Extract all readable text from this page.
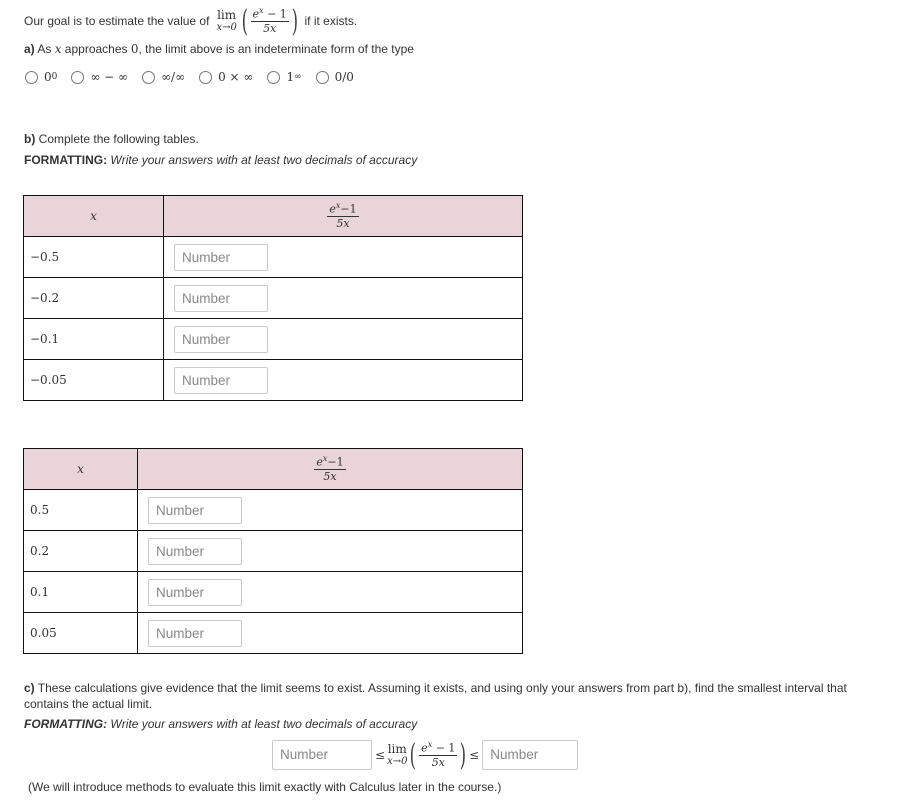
Our goal is to estimate the value of lim
x→0 ( $\frac{e^x - 1}{5x}$ ) if it exists.
a) As x approaches 0, the limit above is an indeterminate form of the type
0 0	∞ − ∞	∞/∞	0 × ∞	1 ∞	0/0
b) Complete the following tables.
FORMATTING: Write your answers with at least two decimals of accuracy
x	$\frac{e^x-1}{5x}$

−0.5	Number

−0.2	Number

−0.1	Number

−0.05	Number
x	$\frac{e^x-1}{5x}$

0.5	Number

0.2	Number

0.1	Number

0.05	Number
c) These calculations give evidence that the limit seems to exist. Assuming it exists, and using only your answers from part b), find the smallest interval that
contains the actual limit.
FORMATTING: Write your answers with at least two decimals of accuracy
Number	≤ lim
x→0 ( $\frac{e^x - 1}{5x}$ ) ≤ Number
(We will introduce methods to evaluate this limit exactly with Calculus later in the course.)
